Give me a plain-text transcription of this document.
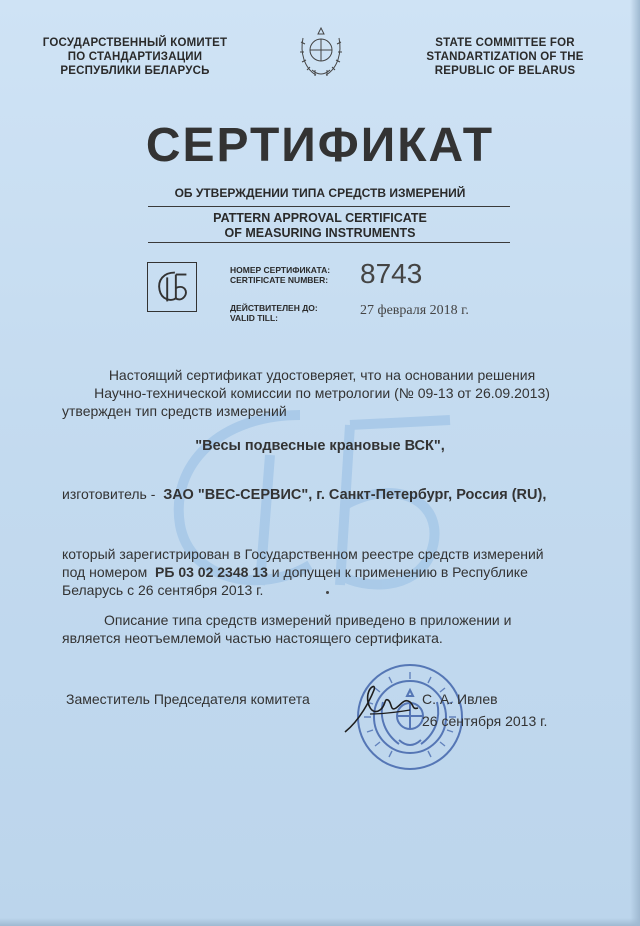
ГОСУДАРСТВЕННЫЙ КОМИТЕТ
ПО СТАНДАРТИЗАЦИИ
РЕСПУБЛИКИ БЕЛАРУСЬ
STATE COMMITTEE FOR
STANDARTIZATION OF THE
REPUBLIC OF BELARUS
СЕРТИФИКАТ
ОБ УТВЕРЖДЕНИИ ТИПА СРЕДСТВ ИЗМЕРЕНИЙ
PATTERN APPROVAL CERTIFICATE
OF MEASURING INSTRUMENTS
НОМЕР СЕРТИФИКАТА:
CERTIFICATE NUMBER: 8743
ДЕЙСТВИТЕЛЕН ДО:
VALID TILL:	27 февраля 2018 г.
Настоящий сертификат удостоверяет, что на основании решения
Научно-технической комиссии по метрологии (№ 09-13 от 26.09.2013)
утвержден тип средств измерений
"Весы подвесные крановые ВСК",
изготовитель - ЗАО "ВЕС-СЕРВИС", г. Санкт-Петербург, Россия (RU),
который зарегистрирован в Государственном реестре средств измерений
под номером РБ 03 02 2348 13 и допущен к применению в Республике
Беларусь с 26 сентября 2013 г.
Описание типа средств измерений приведено в приложении и
является неотъемлемой частью настоящего сертификата.
Заместитель Председателя комитета	С. А. Ивлев
26 сентября 2013 г.
